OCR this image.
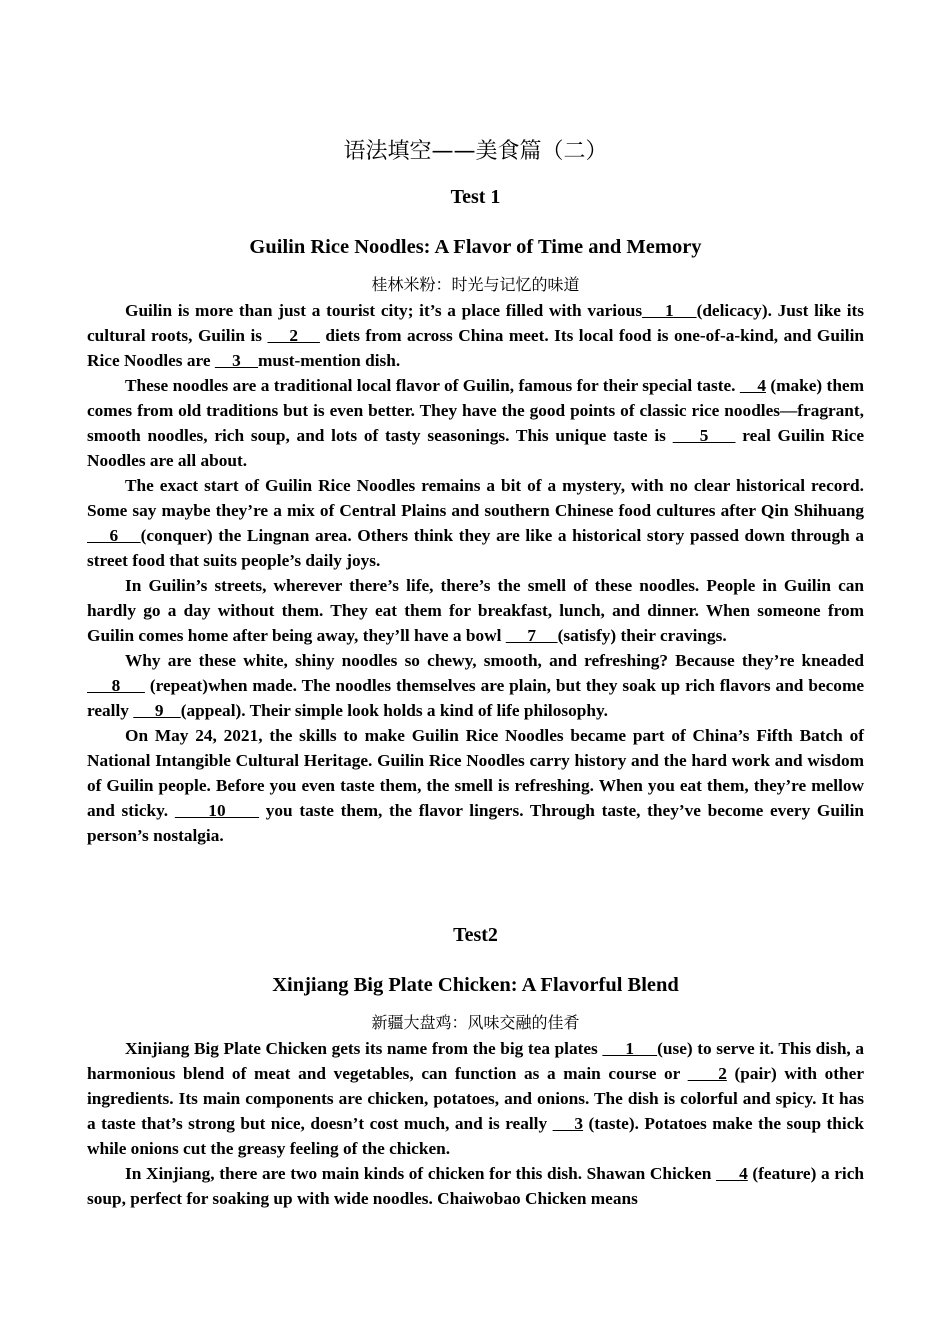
语法填空——美食篇（二）
Test 1
Guilin Rice Noodles: A Flavor of Time and Memory
桂林米粉：时光与记忆的味道

Guilin is more than just a tourist city; it’s a place filled with various    1    (delicacy). Just like its cultural roots, Guilin is     2     diets from across China meet. Its local food is one-of-a-kind, and Guilin Rice Noodles are     3    must-mention dish.

These noodles are a traditional local flavor of Guilin, famous for their special taste.     4 (make) them comes from old traditions but is even better. They have the good points of classic rice noodles—fragrant, smooth noodles, rich soup, and lots of tasty seasonings. This unique taste is     5     real Guilin Rice Noodles are all about.

The exact start of Guilin Rice Noodles remains a bit of a mystery, with no clear historical record. Some say maybe they’re a mix of Central Plains and southern Chinese food cultures after Qin Shihuang     6    (conquer) the Lingnan area. Others think they are like a historical story passed down through a street food that suits people’s daily joys.

In Guilin’s streets, wherever there’s life, there’s the smell of these noodles. People in Guilin can hardly go a day without them. They eat them for breakfast, lunch, and dinner. When someone from Guilin comes home after being away, they’ll have a bowl      7     (satisfy) their cravings.

Why are these white, shiny noodles so chewy, smooth, and refreshing? Because they’re kneaded      8      (repeat)when made. The noodles themselves are plain, but they soak up rich flavors and become really      9    (appeal). Their simple look holds a kind of life philosophy.

On May 24, 2021, the skills to make Guilin Rice Noodles became part of China’s Fifth Batch of National Intangible Cultural Heritage. Guilin Rice Noodles carry history and the hard work and wisdom of Guilin people. Before you even taste them, the smell is refreshing. When you eat them, they’re mellow and sticky.      10      you taste them, the flavor lingers. Through taste, they’ve become every Guilin person’s nostalgia.

Test2
Xinjiang Big Plate Chicken: A Flavorful Blend
新疆大盘鸡：风味交融的佳肴

Xinjiang Big Plate Chicken gets its name from the big tea plates      1     (use) to serve it. This dish, a harmonious blend of meat and vegetables, can function as a main course or     2 (pair) with other ingredients. Its main components are chicken, potatoes, and onions. The dish is colorful and spicy. It has a taste that’s strong but nice, doesn’t cost much, and is really     3 (taste). Potatoes make the soup thick while onions cut the greasy feeling of the chicken.

In Xinjiang, there are two main kinds of chicken for this dish. Shawan Chicken      4 (feature) a rich soup, perfect for soaking up with wide noodles. Chaiwobao Chicken means
